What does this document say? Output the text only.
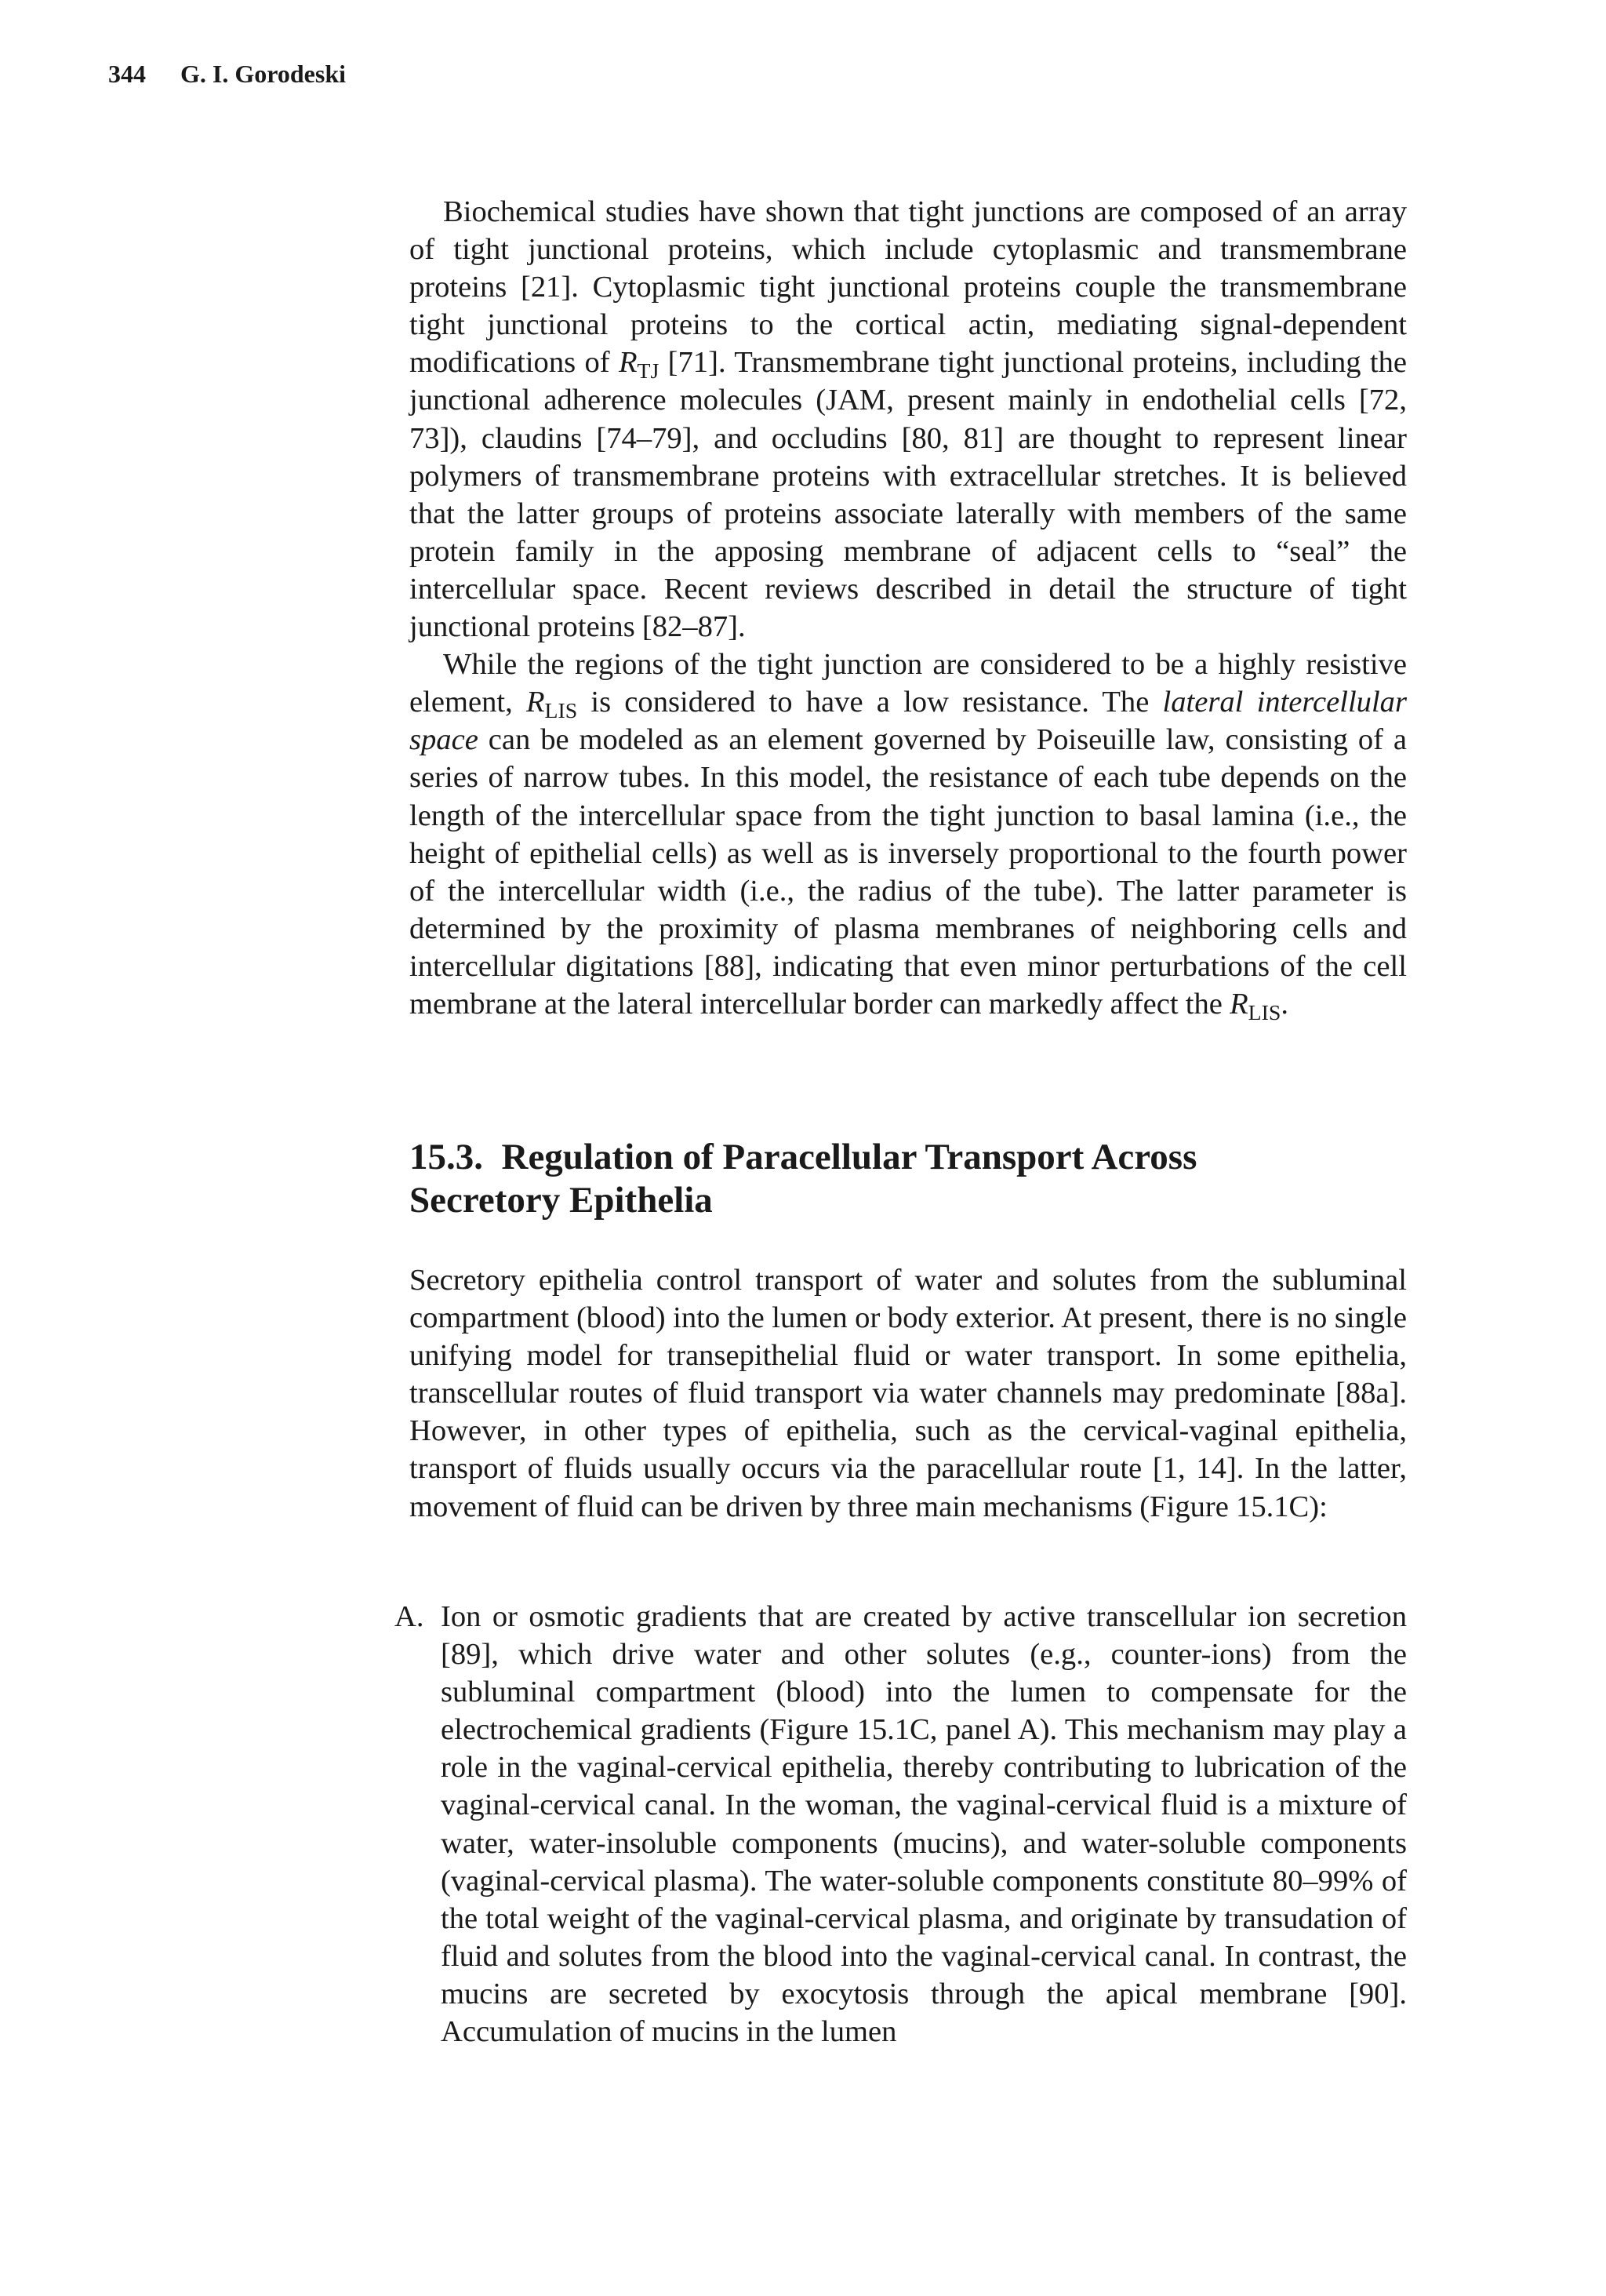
344 G. I. Gorodeski

Biochemical studies have shown that tight junctions are composed of an array of tight junctional proteins, which include cytoplasmic and transmembrane proteins [21]. Cytoplasmic tight junctional proteins couple the transmembrane tight junctional proteins to the cortical actin, mediating signal-dependent modifications of $R_{TJ}$ [71]. Transmembrane tight junctional proteins, including the junctional adherence molecules (JAM, present mainly in endothelial cells [72, 73]), claudins [74–79], and occludins [80, 81] are thought to represent linear polymers of transmembrane proteins with extracellular stretches. It is believed that the latter groups of proteins associate laterally with members of the same protein family in the apposing membrane of adjacent cells to “seal” the intercellular space. Recent reviews described in detail the structure of tight junctional proteins [82–87].

While the regions of the tight junction are considered to be a highly resistive element, $R_{LIS}$ is considered to have a low resistance. The lateral intercellular space can be modeled as an element governed by Poiseuille law, consisting of a series of narrow tubes. In this model, the resistance of each tube depends on the length of the intercellular space from the tight junction to basal lamina (i.e., the height of epithelial cells) as well as is inversely proportional to the fourth power of the intercellular width (i.e., the radius of the tube). The latter parameter is determined by the proximity of plasma membranes of neighboring cells and intercellular digitations [88], indicating that even minor perturbations of the cell membrane at the lateral intercellular border can markedly affect the $R_{LIS}$.

15.3. Regulation of Paracellular Transport Across
Secretory Epithelia

Secretory epithelia control transport of water and solutes from the subluminal compartment (blood) into the lumen or body exterior. At present, there is no single unifying model for transepithelial fluid or water transport. In some epithelia, transcellular routes of fluid transport via water channels may predominate [88a]. However, in other types of epithelia, such as the cervical-vaginal epithelia, transport of fluids usually occurs via the paracellular route [1, 14]. In the latter, movement of fluid can be driven by three main mechanisms (Figure 15.1C):

A. Ion or osmotic gradients that are created by active transcellular ion secretion [89], which drive water and other solutes (e.g., counter-ions) from the subluminal compartment (blood) into the lumen to compensate for the electrochemical gradients (Figure 15.1C, panel A). This mechanism may play a role in the vaginal-cervical epithelia, thereby contributing to lubrication of the vaginal-cervical canal. In the woman, the vaginal-cervical fluid is a mixture of water, water-insoluble components (mucins), and water-soluble components (vaginal-cervical plasma). The water-soluble components constitute 80–99% of the total weight of the vaginal-cervical plasma, and originate by transudation of fluid and solutes from the blood into the vaginal-cervical canal. In contrast, the mucins are secreted by exocytosis through the apical membrane [90]. Accumulation of mucins in the lumen
